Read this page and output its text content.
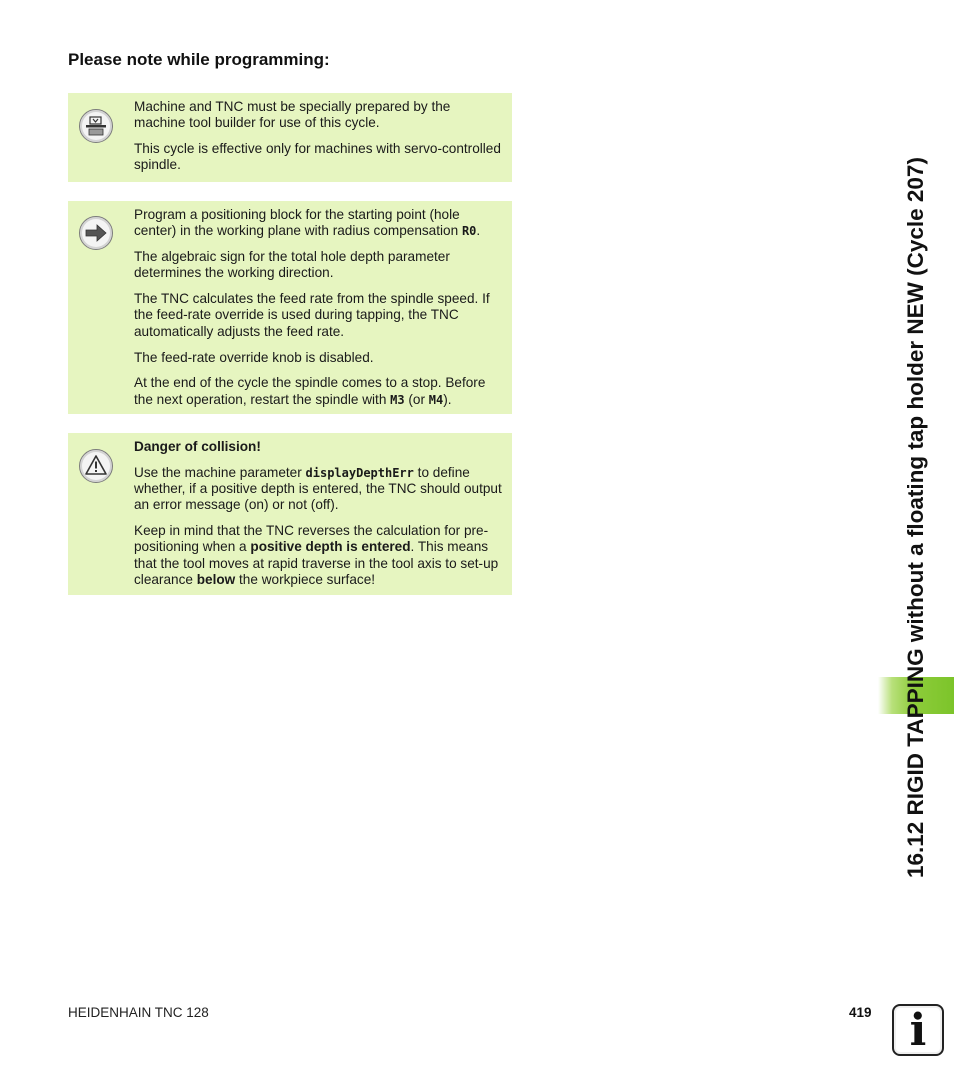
Please note while programming:

Machine and TNC must be specially prepared by the machine tool builder for use of this cycle.

This cycle is effective only for machines with servo-controlled spindle.

Program a positioning block for the starting point (hole center) in the working plane with radius compensation R0.

The algebraic sign for the total hole depth parameter determines the working direction.

The TNC calculates the feed rate from the spindle speed. If the feed-rate override is used during tapping, the TNC automatically adjusts the feed rate.

The feed-rate override knob is disabled.

At the end of the cycle the spindle comes to a stop. Before the next operation, restart the spindle with M3 (or M4).

Danger of collision!

Use the machine parameter displayDepthErr to define whether, if a positive depth is entered, the TNC should output an error message (on) or not (off).

Keep in mind that the TNC reverses the calculation for pre-positioning when a positive depth is entered. This means that the tool moves at rapid traverse in the tool axis to set-up clearance below the workpiece surface!	16.12 RIGID TAPPING without a floating tap holder NEW (Cycle 207)
HEIDENHAIN TNC 128	419 i
